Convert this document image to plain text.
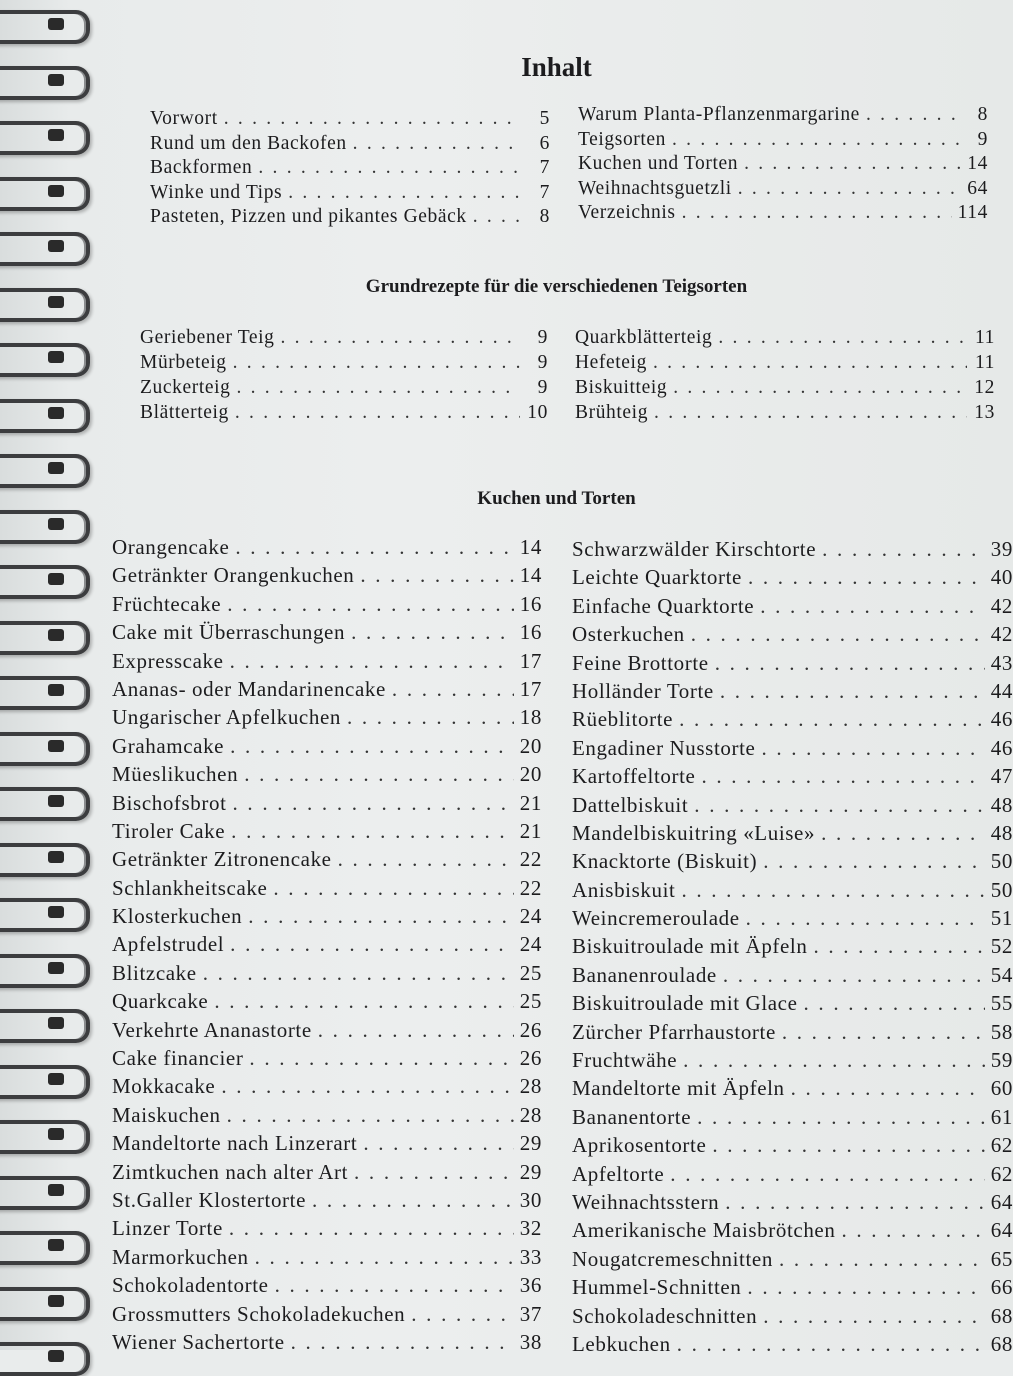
Inhalt
Vorwort . . .	5
Rund um den Backofen . . .	6
Backformen . . .	7
Winke und Tips . . .	7
Pasteten, Pizzen und pikantes Gebäck . . .	8
Warum Planta-Pflanzenmargarine . . .	8
Teigsorten . . .	9
Kuchen und Torten . . .	14
Weihnachtsguetzli . . .	64
Verzeichnis . . .	114
Grundrezepte für die verschiedenen Teigsorten
Geriebener Teig . . .	9
Mürbeteig . . .	9
Zuckerteig . . .	9
Blätterteig . . .	10
Quarkblätterteig . . .	11
Hefeteig . . .	11
Biskuitteig . . .	12
Brühteig . . .	13
Kuchen und Torten
Orangencake . . .	14
Getränkter Orangenkuchen . . .	14
Früchtecake . . .	16
Cake mit Überraschungen . . .	16
Expresscake . . .	17
Ananas- oder Mandarinencake . . .	17
Ungarischer Apfelkuchen . . .	18
Grahamcake . . .	20
Müeslikuchen . . .	20
Bischofsbrot . . .	21
Tiroler Cake . . .	21
Getränkter Zitronencake . . .	22
Schlankheitscake . . .	22
Klosterkuchen . . .	24
Apfelstrudel . . .	24
Blitzcake . . .	25
Quarkcake . . .	25
Verkehrte Ananastorte . . .	26
Cake financier . . .	26
Mokkacake . . .	28
Maiskuchen . . .	28
Mandeltorte nach Linzerart . . .	29
Zimtkuchen nach alter Art . . .	29
St.Galler Klostertorte . . .	30
Linzer Torte . . .	32
Marmorkuchen . . .	33
Schokoladentorte . . .	36
Grossmutters Schokoladekuchen . . .	37
Wiener Sachertorte . . .	38
Schwarzwälder Kirschtorte . . .	39
Leichte Quarktorte . . .	40
Einfache Quarktorte . . .	42
Osterkuchen . . .	42
Feine Brottorte . . .	43
Holländer Torte . . .	44
Rüeblitorte . . .	46
Engadiner Nusstorte . . .	46
Kartoffeltorte . . .	47
Dattelbiskuit . . .	48
Mandelbiskuitring «Luise» . . .	48
Knacktorte (Biskuit) . . .	50
Anisbiskuit . . .	50
Weincremeroulade . . .	51
Biskuitroulade mit Äpfeln . . .	52
Bananenroulade . . .	54
Biskuitroulade mit Glace . . .	55
Zürcher Pfarrhaustorte . . .	58
Fruchtwähe . . .	59
Mandeltorte mit Äpfeln . . .	60
Bananentorte . . .	61
Aprikosentorte . . .	62
Apfeltorte . . .	62
Weihnachtsstern . . .	64
Amerikanische Maisbrötchen . . .	64
Nougatcremeschnitten . . .	65
Hummel-Schnitten . . .	66
Schokoladeschnitten . . .	68
Lebkuchen . . .	68
